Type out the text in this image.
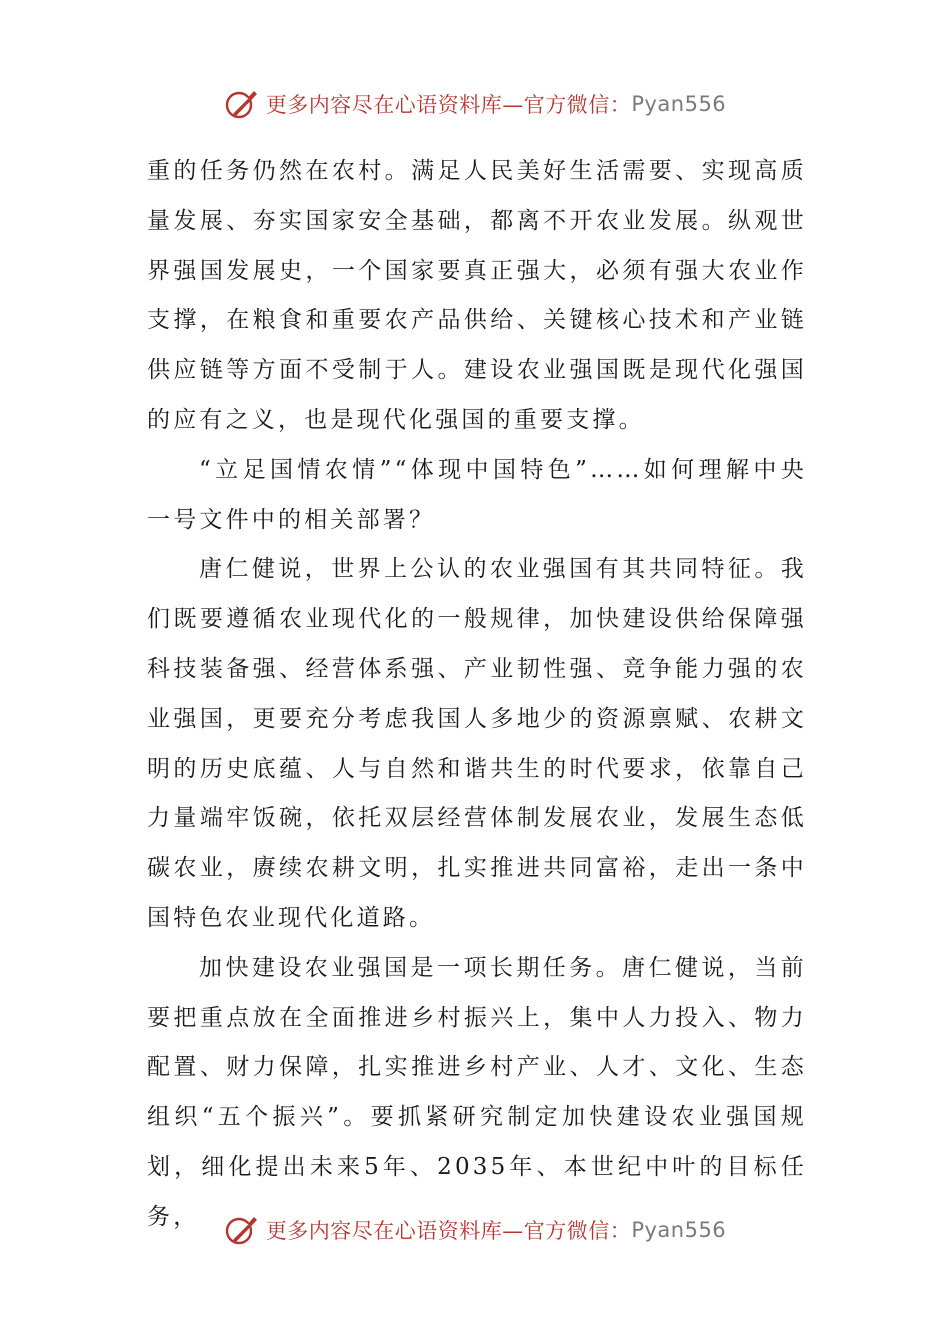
更多内容尽在心语资料库—官方微信： Pyan556

重的任务仍然在农村。满足人民美好生活需要、实现高质量发展、夯实国家安全基础，都离不开农业发展。纵观世界强国发展史，一个国家要真正强大，必须有强大农业作支撑，在粮食和重要农产品供给、关键核心技术和产业链供应链等方面不受制于人。建设农业强国既是现代化强国的应有之义，也是现代化强国的重要支撑。

“立足国情农情”“体现中国特色”……如何理解中央一号文件中的相关部署？

唐仁健说，世界上公认的农业强国有其共同特征。我们既要遵循农业现代化的一般规律，加快建设供给保障强科技装备强、经营体系强、产业韧性强、竞争能力强的农业强国，更要充分考虑我国人多地少的资源禀赋、农耕文明的历史底蕴、人与自然和谐共生的时代要求，依靠自己力量端牢饭碗，依托双层经营体制发展农业，发展生态低碳农业，赓续农耕文明，扎实推进共同富裕，走出一条中国特色农业现代化道路。

加快建设农业强国是一项长期任务。唐仁健说，当前要把重点放在全面推进乡村振兴上，集中人力投入、物力配置、财力保障，扎实推进乡村产业、人才、文化、生态组织“五个振兴”。要抓紧研究制定加快建设农业强国规划，细化提出未来5年、2035年、本世纪中叶的目标任务，

更多内容尽在心语资料库—官方微信： Pyan556
